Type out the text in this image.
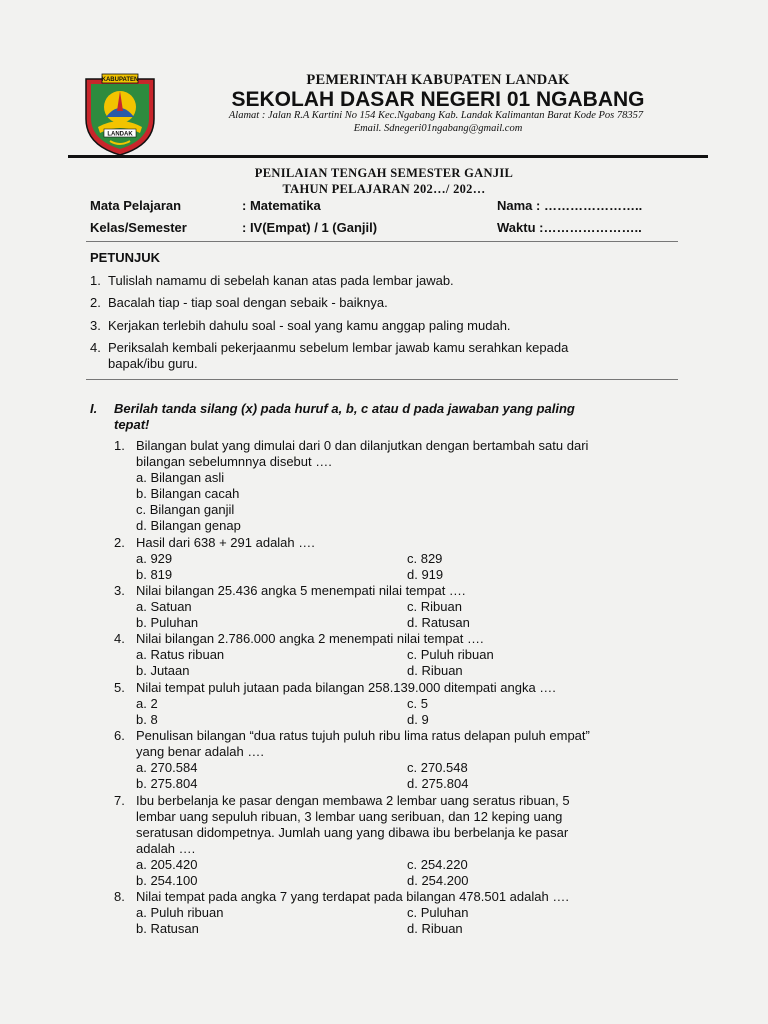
KABUPATEN
LANDAK
PEMERINTAH KABUPATEN LANDAK
SEKOLAH DASAR NEGERI 01 NGABANG
Alamat : Jalan R.A Kartini No 154 Kec.Ngabang Kab. Landak Kalimantan Barat Kode Pos 78357
Email. Sdnegeri01ngabang@gmail.com
PENILAIAN TENGAH SEMESTER GANJIL
TAHUN PELAJARAN 202…/ 202…
Mata Pelajaran	: Matematika	Nama : …………………..
Kelas/Semester	: IV(Empat) / 1 (Ganjil)	Waktu :…………………..
PETUNJUK
1. Tulislah namamu di sebelah kanan atas pada lembar jawab.
2. Bacalah tiap - tiap soal dengan sebaik - baiknya.
3. Kerjakan terlebih dahulu soal - soal yang kamu anggap paling mudah.
4. Periksalah kembali pekerjaanmu sebelum lembar jawab kamu serahkan kepada
bapak/ibu guru.
I. Berilah tanda silang (x) pada huruf a, b, c atau d pada jawaban yang paling
tepat!
1. Bilangan bulat yang dimulai dari 0 dan dilanjutkan dengan bertambah satu dari
bilangan sebelumnnya disebut ….
a. Bilangan asli
b. Bilangan cacah
c. Bilangan ganjil
d. Bilangan genap
2. Hasil dari 638 + 291 adalah ….
a. 929	c. 829
b. 819	d. 919
3. Nilai bilangan 25.436 angka 5 menempati nilai tempat ….
a. Satuan	c. Ribuan
b. Puluhan	d. Ratusan
4. Nilai bilangan 2.786.000 angka 2 menempati nilai tempat ….
a. Ratus ribuan	c. Puluh ribuan
b. Jutaan	d. Ribuan
5. Nilai tempat puluh jutaan pada bilangan 258.139.000 ditempati angka ….
a. 2	c. 5
b. 8	d. 9
6. Penulisan bilangan “dua ratus tujuh puluh ribu lima ratus delapan puluh empat”
yang benar adalah ….
a. 270.584	c. 270.548
b. 275.804	d. 275.804
7. Ibu berbelanja ke pasar dengan membawa 2 lembar uang seratus ribuan, 5
lembar uang sepuluh ribuan, 3 lembar uang seribuan, dan 12 keping uang
seratusan didompetnya. Jumlah uang yang dibawa ibu berbelanja ke pasar
adalah ….
a. 205.420	c. 254.220
b. 254.100	d. 254.200
8. Nilai tempat pada angka 7 yang terdapat pada bilangan 478.501 adalah ….
a. Puluh ribuan	c. Puluhan
b. Ratusan	d. Ribuan
